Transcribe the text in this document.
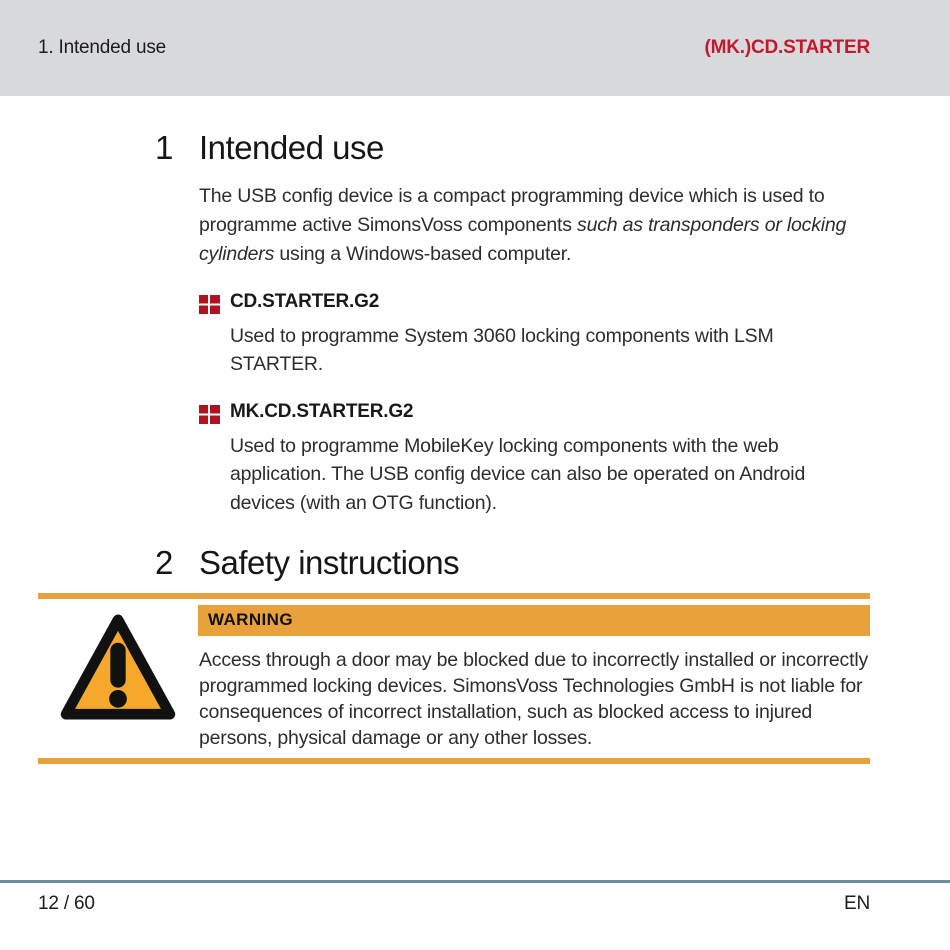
1. Intended use	(MK.)CD.STARTER
1 Intended use

The USB config device is a compact programming device which is used to programme active SimonsVoss components such as transponders or locking cylinders using a Windows-based computer.

CD.STARTER.G2

Used to programme System 3060 locking components with LSM STARTER.

MK.CD.STARTER.G2

Used to programme MobileKey locking components with the web application. The USB config device can also be operated on Android devices (with an OTG function).

2 Safety instructions
WARNING

Access through a door may be blocked due to incorrectly installed or incorrectly programmed locking devices. SimonsVoss Technologies GmbH is not liable for consequences of incorrect installation, such as blocked access to injured persons, physical damage or any other losses.

12 / 60	EN
